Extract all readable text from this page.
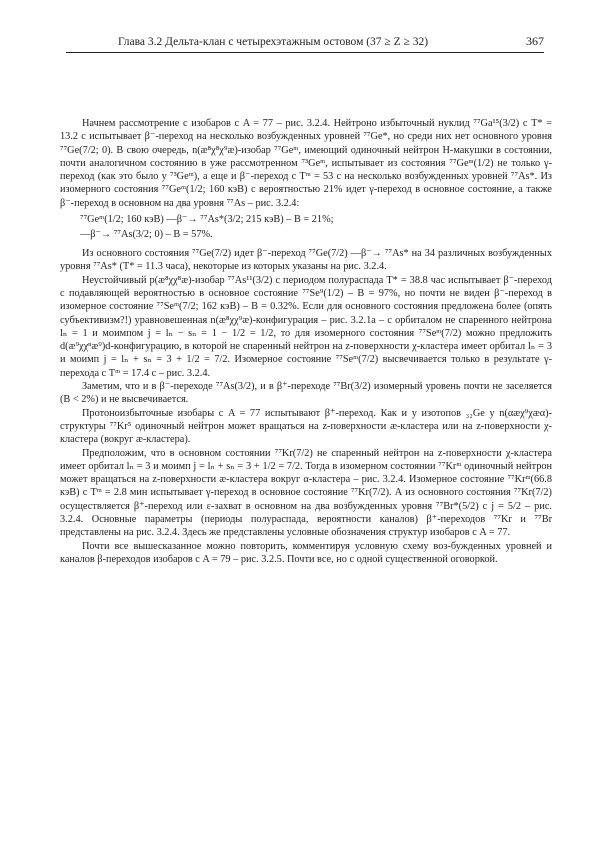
Глава 3.2 Дельта-клан с четырехэтажным остовом (37 ≥ Z ≥ 32)	367

Начнем рассмотрение с изобаров с A = 77 – рис. 3.2.4. Нейтроно избыточный нуклид ⁷⁷Ga¹⁵(3/2) с T* = 13.2 с испытывает β⁻-переход на несколько возбужденных уровней ⁷⁷Ge*, но среди них нет основного уровня ⁷⁷Ge(7/2; 0). В свою очередь, n(æ⁸χ⁸χ⁹æ)-изобар ⁷⁷Geᵐ, имеющий одиночный нейтрон H-макушки в состоянии, почти аналогичном состоянию в уже рассмотренном ⁷³Geᵐ, испытывает из состояния ⁷⁷Geᵐ(1/2) не только γ-переход (как это было у ⁷³Geᵐ), а еще и β⁻-переход с Tᵐ = 53 с на несколько возбужденных уровней ⁷⁷As*. Из изомерного состояния ⁷⁷Geᵐ(1/2; 160 кэВ) с вероятностью 21% идет γ-переход в основное состояние, а также β⁻-переход в основном на два уровня ⁷⁷As – рис. 3.2.4:

⁷⁷Geᵐ(1/2; 160 кэВ) —β⁻→ ⁷⁷As*(3/2; 215 кэВ) – B = 21%;
—β⁻→ ⁷⁷As(3/2; 0) – B = 57%.

Из основного состояния ⁷⁷Ge(7/2) идет β⁻-переход ⁷⁷Ge(7/2) —β⁻→ ⁷⁷As* на 34 различных возбужденных уровня ⁷⁷As* (T* = 11.3 часа), некоторые из которых указаны на рис. 3.2.4.

Неустойчивый p(æ⁸χχ⁸æ)-изобар ⁷⁷As¹¹(3/2) с периодом полураспада T* = 38.8 час испытывает β⁻-переход с подавляющей вероятностью в основное состояние ⁷⁷Se⁹(1/2) – B = 97%, но почти не виден β⁻-переход в изомерное состояние ⁷⁷Seᵐ(7/2; 162 кэВ) – B = 0.32%. Если для основного состояния предложена более (опять субъективизм?!) уравновешенная n(æ⁸χχ⁹æ)-конфигурация – рис. 3.2.1a – с орбиталом не спаренного нейтрона lₙ = 1 и моимпом j = lₙ − sₙ = 1 − 1/2 = 1/2, то для изомерного состояния ⁷⁷Seᵐ(7/2) можно предложить d(æ⁹χχⁿæ⁹)d-конфигурацию, в которой не спаренный нейтрон на z-поверхности χ-кластера имеет орбитал lₙ = 3 и моимп j = lₙ + sₙ = 3 + 1/2 = 7/2. Изомерное состояние ⁷⁷Seᵐ(7/2) высвечивается только в результате γ-перехода с Tᵐ = 17.4 с – рис. 3.2.4.

Заметим, что и в β⁻-переходе ⁷⁷As(3/2), и в β⁺-переходе ⁷⁷Br(3/2) изомерный уровень почти не заселяется (B < 2%) и не высвечивается.

Протоноизбыточные изобары с A = 77 испытывают β⁺-переход. Как и у изотопов ₃₂Ge у n(αæχ⁹χæα)-структуры ⁷⁷Kr⁵ одиночный нейтрон может вращаться на z-поверхности æ-кластера или на z-поверхности χ-кластера (вокруг æ-кластера).

Предположим, что в основном состоянии ⁷⁷Kr(7/2) не спаренный нейтрон на z-поверхности χ-кластера имеет орбитал lₙ = 3 и моимп j = lₙ + sₙ = 3 + 1/2 = 7/2. Тогда в изомерном состоянии ⁷⁷Krᵐ одиночный нейтрон может вращаться на z-поверхности æ-кластера вокруг α-кластера – рис. 3.2.4. Изомерное состояние ⁷⁷Krᵐ(66.8 кэВ) с Tᵐ = 2.8 мин испытывает γ-переход в основное состояние ⁷⁷Kr(7/2). А из основного состояния ⁷⁷Kr(7/2) осуществляется β⁺-переход или ε-захват в основном на два возбужденных уровня ⁷⁷Br*(5/2) с j = 5/2 – рис. 3.2.4. Основные параметры (периоды полураспада, вероятности каналов) β⁺-переходов ⁷⁷Kr и ⁷⁷Br представлены на рис. 3.2.4. Здесь же представлены условные обозначения структур изобаров с A = 77.

Почти все вышесказанное можно повторить, комментируя условную схему воз-бужденных уровней и каналов β-переходов изобаров с A = 79 – рис. 3.2.5. Почти все, но с одной существенной оговоркой.
